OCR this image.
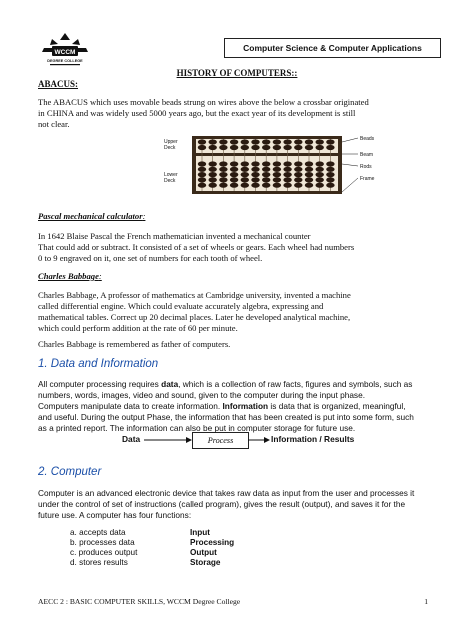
WCCM
DEGREE COLLEGE
Computer Science & Computer Applications
HISTORY OF COMPUTERS::
ABACUS:
The ABACUS which uses movable beads strung on wires above the below a crossbar originated
in CHINA and was widely used 5000 years ago, but the exact year of its development is still
not clear.
Upper
Deck
Lower
Deck
Beads
Beam
Rods
Frame
Pascal mechanical calculator:
In 1642 Blaise Pascal the French mathematician invented a mechanical counter
That could add or subtract. It consisted of a set of wheels or gears. Each wheel had numbers
0 to 9 engraved on it, one set of numbers for each tooth of wheel.
Charles Babbage:
Charles Babbage, A professor of mathematics at Cambridge university, invented a machine
called differential engine. Which could evaluate accurately algebra, expressing and
mathematical tables. Correct up 20 decimal places. Later he developed analytical machine,
which could perform addition at the rate of 60 per minute.
Charles Babbage is remembered as father of computers.
1. Data and Information
All computer processing requires data, which is a collection of raw facts, figures and symbols, such as
numbers, words, images, video and sound, given to the computer during the input phase.
Computers manipulate data to create information. Information is data that is organized, meaningful,
and useful. During the output Phase, the information that has been created is put into some form, such
as a printed report. The information can also be put in computer storage for future use.
Data	Process	Information / Results
2. Computer
Computer is an advanced electronic device that takes raw data as input from the user and processes it
under the control of set of instructions (called program), gives the result (output), and saves it for the
future use. A computer has four functions:
a. accepts data	Input
b. processes data	Processing
c. produces output	Output
d. stores results	Storage
AECC 2 : BASIC COMPUTER SKILLS, WCCM Degree College	1
